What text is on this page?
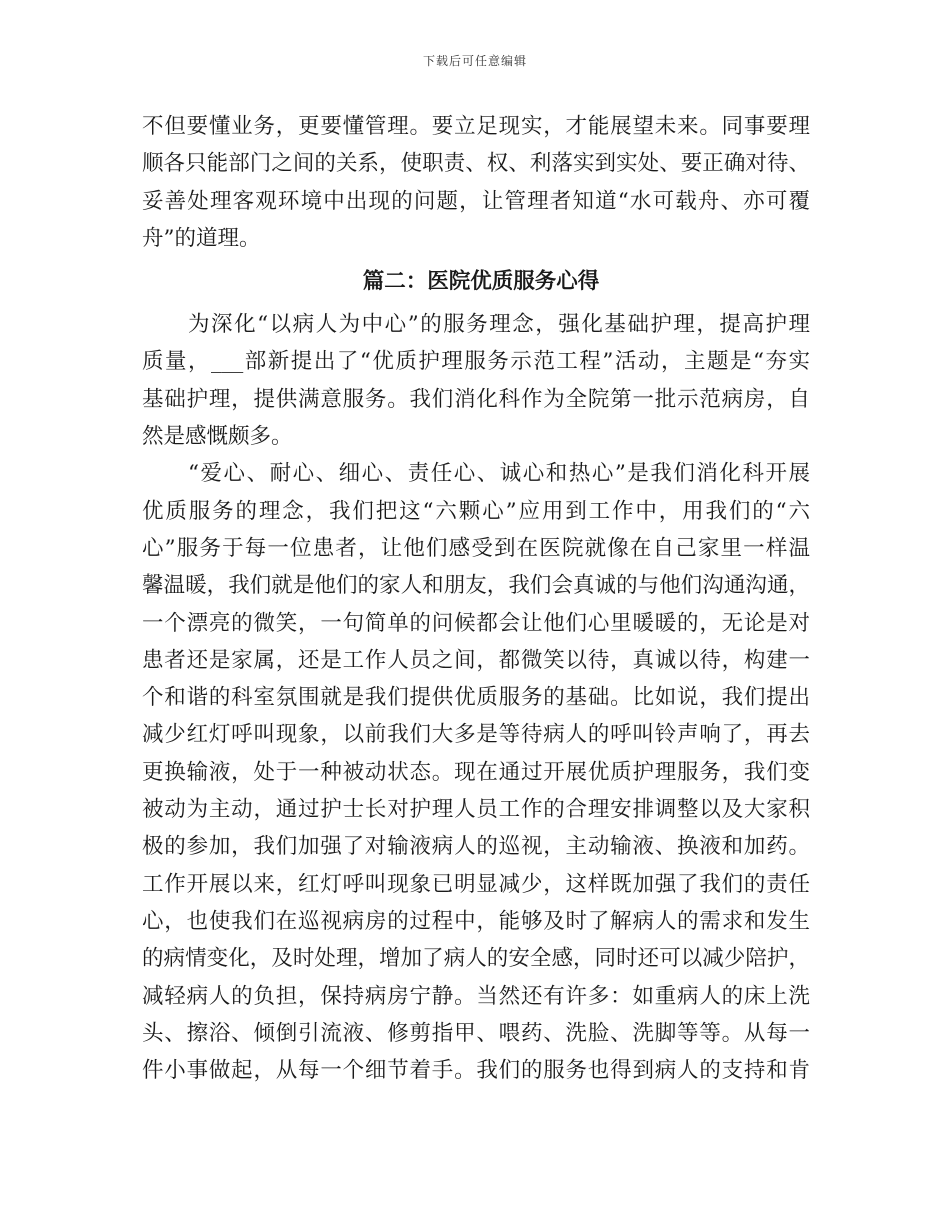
下载后可任意编辑
不但要懂业务，更要懂管理。要立足现实，才能展望未来。同事要理
顺各只能部门之间的关系，使职责、权、利落实到实处、要正确对待、
妥善处理客观环境中出现的问题，让管理者知道“水可载舟、亦可覆
舟”的道理。
篇二：医院优质服务心得
　　为深化“以病人为中心”的服务理念，强化基础护理，提高护理
质量，___部新提出了“优质护理服务示范工程”活动，主题是“夯实
基础护理，提供满意服务。我们消化科作为全院第一批示范病房，自
然是感慨颇多。
　　“爱心、耐心、细心、责任心、诚心和热心”是我们消化科开展
优质服务的理念，我们把这“六颗心”应用到工作中，用我们的“六
心”服务于每一位患者，让他们感受到在医院就像在自己家里一样温
馨温暖，我们就是他们的家人和朋友，我们会真诚的与他们沟通沟通，
一个漂亮的微笑，一句简单的问候都会让他们心里暖暖的，无论是对
患者还是家属，还是工作人员之间，都微笑以待，真诚以待，构建一
个和谐的科室氛围就是我们提供优质服务的基础。比如说，我们提出
减少红灯呼叫现象，以前我们大多是等待病人的呼叫铃声响了，再去
更换输液，处于一种被动状态。现在通过开展优质护理服务，我们变
被动为主动，通过护士长对护理人员工作的合理安排调整以及大家积
极的参加，我们加强了对输液病人的巡视，主动输液、换液和加药。
工作开展以来，红灯呼叫现象已明显减少，这样既加强了我们的责任
心，也使我们在巡视病房的过程中，能够及时了解病人的需求和发生
的病情变化，及时处理，增加了病人的安全感，同时还可以减少陪护，
减轻病人的负担，保持病房宁静。当然还有许多：如重病人的床上洗
头、擦浴、倾倒引流液、修剪指甲、喂药、洗脸、洗脚等等。从每一
件小事做起，从每一个细节着手。我们的服务也得到病人的支持和肯
